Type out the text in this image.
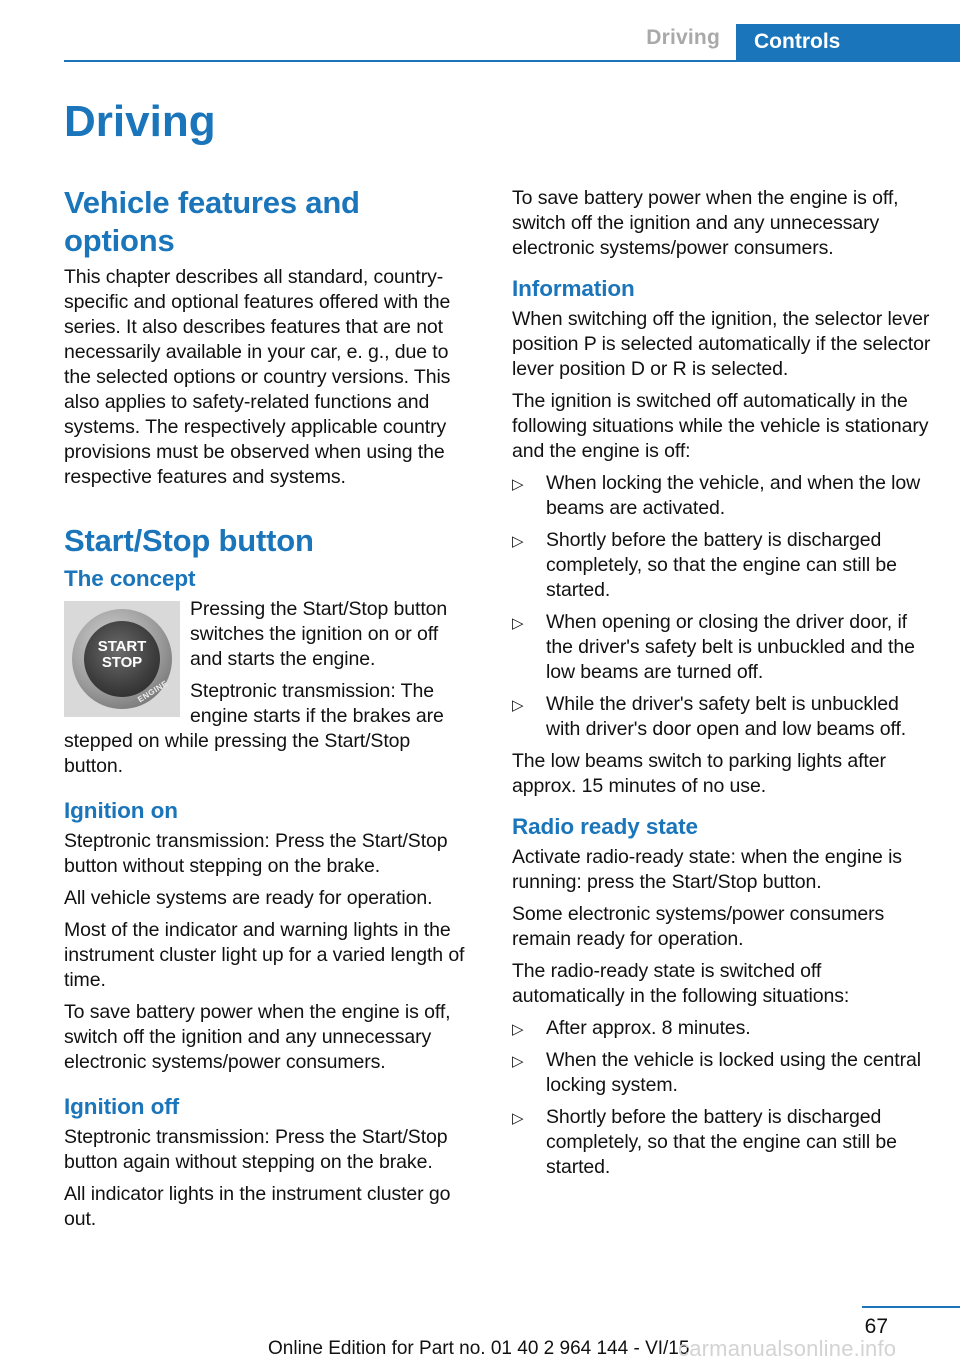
Driving	Controls
Driving
Vehicle features and options

This chapter describes all standard, country-specific and optional features offered with the series. It also describes features that are not necessarily available in your car, e. g., due to the selected options or country versions. This also applies to safety-related functions and systems. The respectively applicable country provisions must be observed when using the respective features and systems.

Start/Stop button
The concept
START
STOP
ENGINE

Pressing the Start/Stop button switches the ignition on or off and starts the engine.

Steptronic transmission: The engine starts if the brakes are stepped on while pressing the Start/Stop button.

Ignition on

Steptronic transmission: Press the Start/Stop button without stepping on the brake.

All vehicle systems are ready for operation.

Most of the indicator and warning lights in the instrument cluster light up for a varied length of time.

To save battery power when the engine is off, switch off the ignition and any unnecessary electronic systems/power consumers.

Ignition off

Steptronic transmission: Press the Start/Stop button again without stepping on the brake.

All indicator lights in the instrument cluster go out.

To save battery power when the engine is off, switch off the ignition and any unnecessary electronic systems/power consumers.

Information

When switching off the ignition, the selector lever position P is selected automatically if the selector lever position D or R is selected.

The ignition is switched off automatically in the following situations while the vehicle is stationary and the engine is off:

▷ When locking the vehicle, and when the low beams are activated.
▷ Shortly before the battery is discharged completely, so that the engine can still be started.
▷ When opening or closing the driver door, if the driver's safety belt is unbuckled and the low beams are turned off.
▷ While the driver's safety belt is unbuckled with driver's door open and low beams off.

The low beams switch to parking lights after approx. 15 minutes of no use.

Radio ready state

Activate radio-ready state: when the engine is running: press the Start/Stop button.

Some electronic systems/power consumers remain ready for operation.

The radio-ready state is switched off automatically in the following situations:

▷ After approx. 8 minutes.
▷ When the vehicle is locked using the central locking system.
▷ Shortly before the battery is discharged completely, so that the engine can still be started.
67
Online Edition for Part no. 01 40 2 964 144 - VI/15
carmanualsonline.info
